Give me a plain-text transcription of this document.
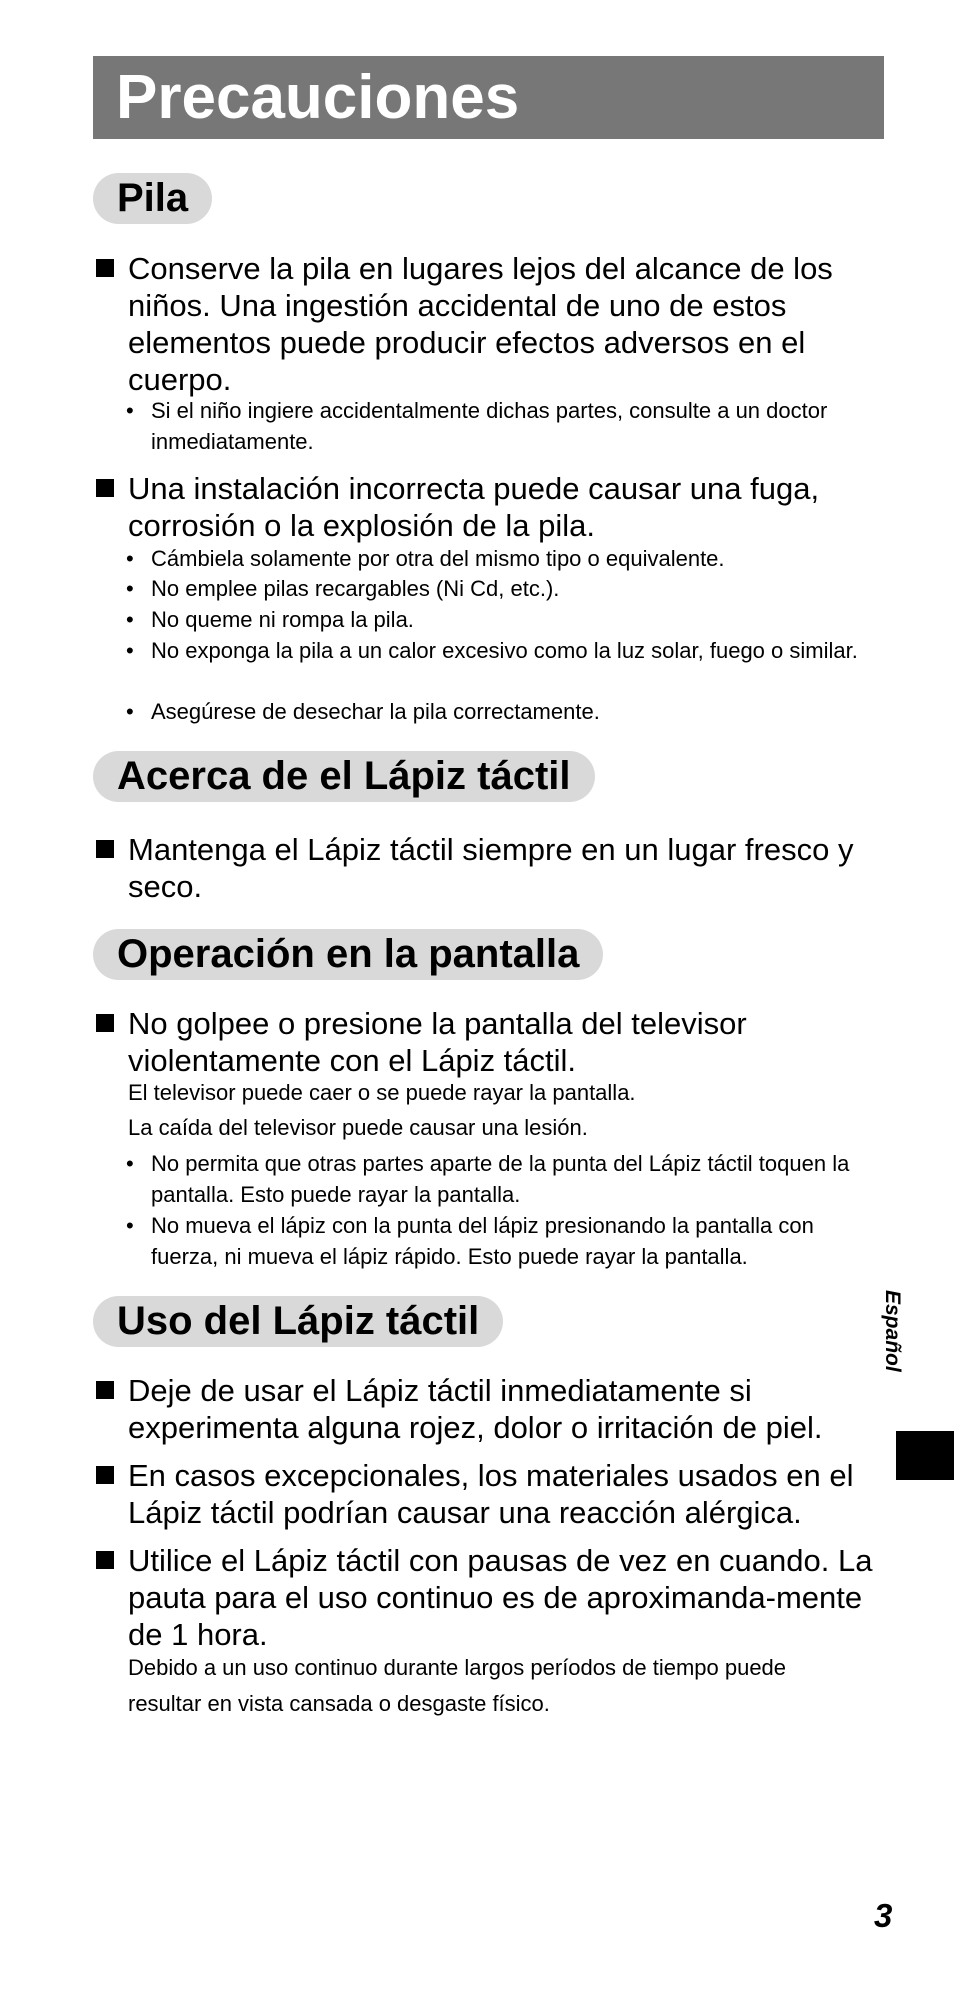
Precauciones
Pila
Conserve la pila en lugares lejos del alcance de los niños. Una ingestión accidental de uno de estos elementos puede producir efectos adversos en el cuerpo.
• Si el niño ingiere accidentalmente dichas partes, consulte a un doctor inmediatamente.
Una instalación incorrecta puede causar una fuga, corrosión o la explosión de la pila.
• Cámbiela solamente por otra del mismo tipo o equivalente.
• No emplee pilas recargables (Ni Cd, etc.).
• No queme ni rompa la pila.
• No exponga la pila a un calor excesivo como la luz solar, fuego o similar.
• Asegúrese de desechar la pila correctamente.
Acerca de el Lápiz táctil
Mantenga el Lápiz táctil siempre en un lugar fresco y seco.
Operación en la pantalla
No golpee o presione la pantalla del televisor violentamente con el Lápiz táctil.
El televisor puede caer o se puede rayar la pantalla.
La caída del televisor puede causar una lesión.
• No permita que otras partes aparte de la punta del Lápiz táctil toquen la pantalla. Esto puede rayar la pantalla.
• No mueva el lápiz con la punta del lápiz presionando la pantalla con fuerza, ni mueva el lápiz rápido. Esto puede rayar la pantalla.
Uso del Lápiz táctil
Deje de usar el Lápiz táctil inmediatamente si experimenta alguna rojez, dolor o irritación de piel.
En casos excepcionales, los materiales usados en el Lápiz táctil podrían causar una reacción alérgica.
Utilice el Lápiz táctil con pausas de vez en cuando. La pauta para el uso continuo es de aproximanda-mente de 1 hora.
Debido a un uso continuo durante largos períodos de tiempo puede
resultar en vista cansada o desgaste físico.
Español
3
